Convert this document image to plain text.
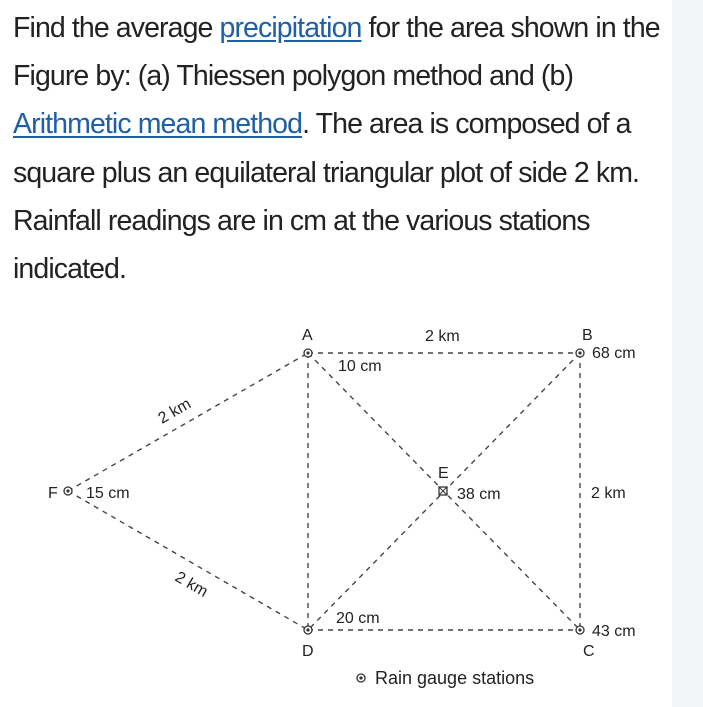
Find the average precipitation for the area shown in the Figure by: (a) Thiessen polygon method and (b) Arithmetic mean method. The area is composed of a square plus an equilateral triangular plot of side 2 km. Rainfall readings are in cm at the various stations indicated.
A	B
C
D
E
F
10 cm
68 cm
43 cm
20 cm
38 cm
15 cm
2 km
2 km
2 km
2 km
Rain gauge stations
